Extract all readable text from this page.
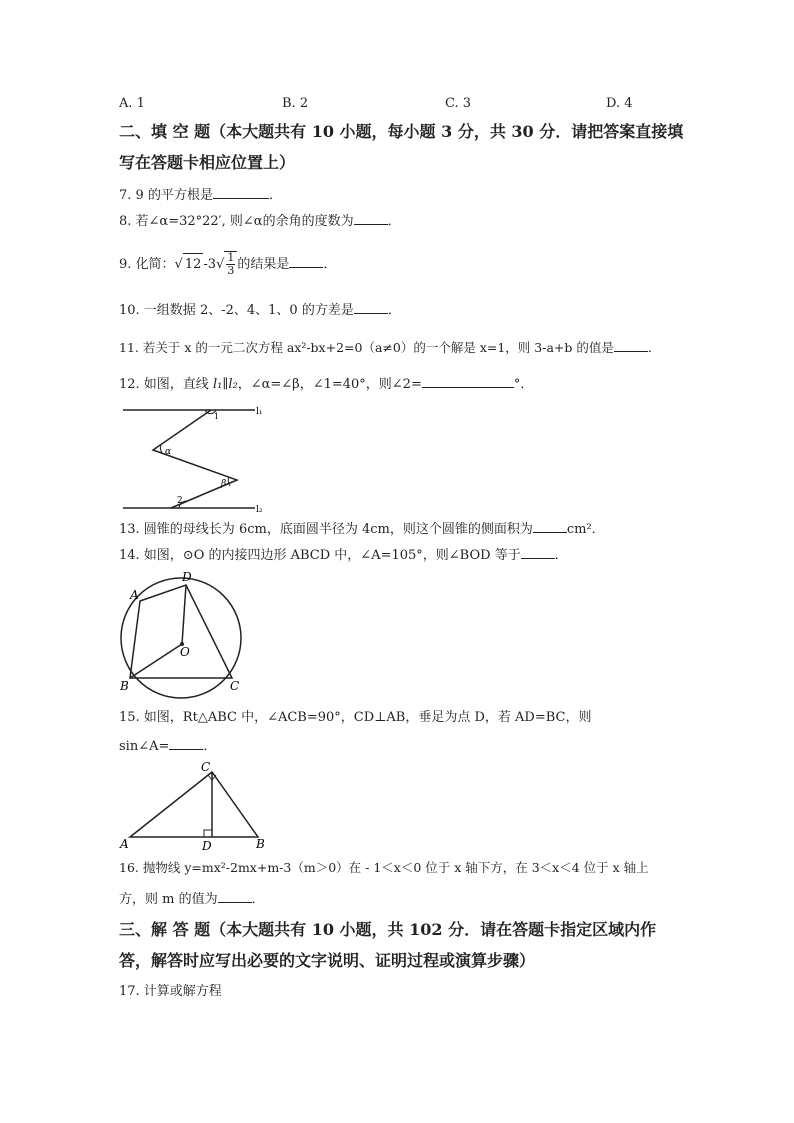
A. 1	B. 2	C. 3	D. 4
二、填 空 题（本大题共有 10 小题，每小题 3 分，共 30 分．请把答案直接填
写在答题卡相应位置上）
7. 9 的平方根是	．
8. 若∠α=32°22′, 则∠α的余角的度数为	．
9. 化简：√ 12 $-3√ \frac{1}{3}$ 的结果是	．
10. 一组数据 2、-2、4、1、0 的方差是	．
11. 若关于 x 的一元二次方程 ax²-bx+2=0（a≠0）的一个解是 x=1，则 3-a+b 的值是	．
12. 如图，直线 l₁∥l₂，∠α=∠β，∠1=40°，则∠2=	°．
l₁
l₂
α
β
1
2
13. 圆锥的母线长为 6cm，底面圆半径为 4cm，则这个圆锥的侧面积为	cm²．
14. 如图，⊙O 的内接四边形 ABCD 中，∠A=105°，则∠BOD 等于	．
A
D
O
B	C
15. 如图，Rt△ABC 中，∠ACB=90°，CD⊥AB，垂足为点 D，若 AD=BC，则
sin∠A=	．
A
C
D	B
16. 抛物线 y=mx²-2mx+m-3（m＞0）在 - 1＜x＜0 位于 x 轴下方，在 3＜x＜4 位于 x 轴上
方，则 m 的值为	．
三、解 答 题（本大题共有 10 小题，共 102 分．请在答题卡指定区域内作
答，解答时应写出必要的文字说明、证明过程或演算步骤）
17. 计算或解方程
